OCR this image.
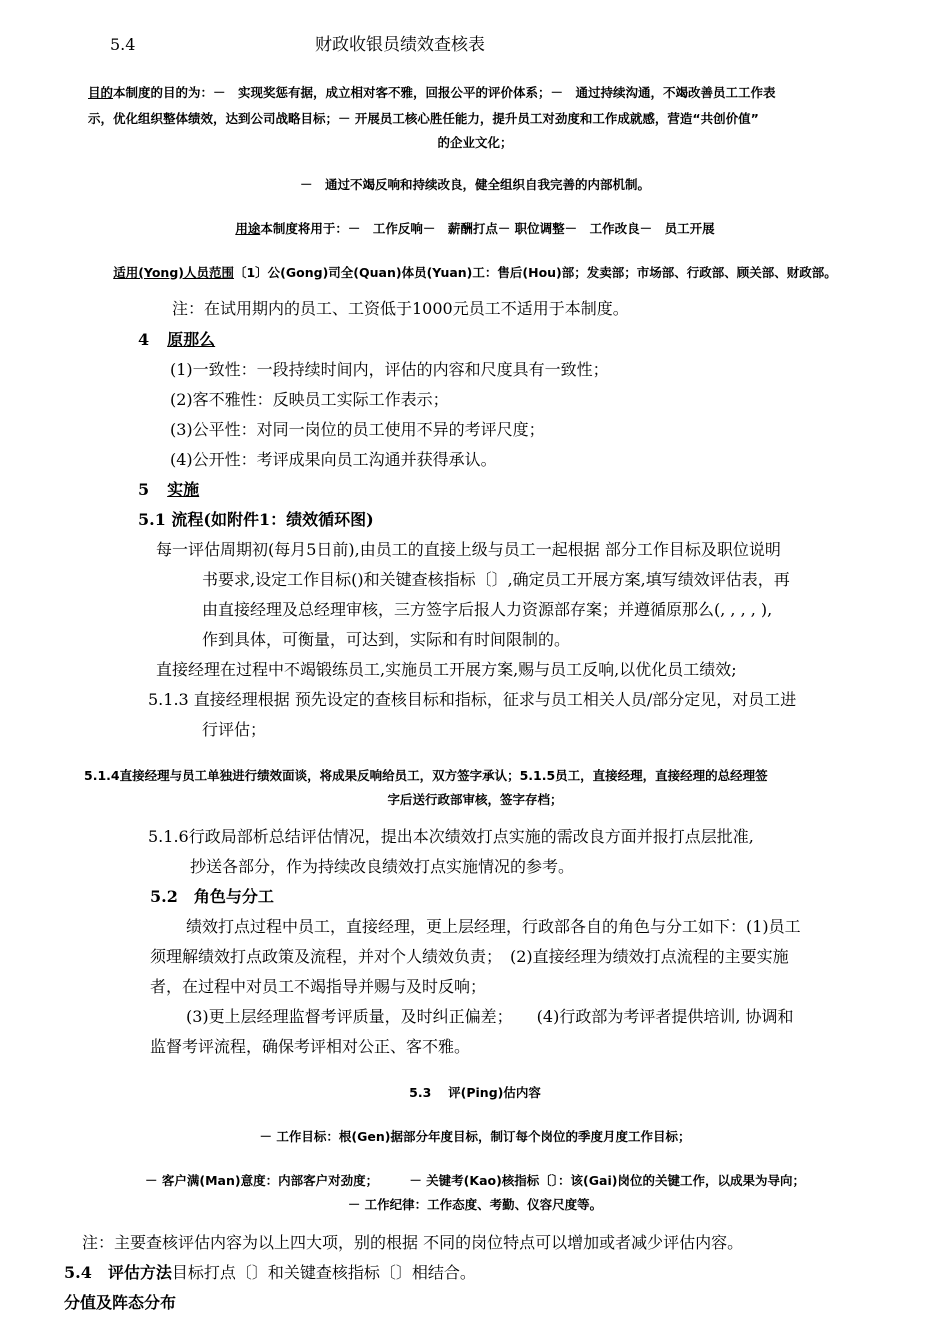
5.4	财政收银员绩效查核表
目的本制度的目的为：－　实现奖惩有据，成立相对客不雅，回报公平的评价体系；－　通过持续沟通，不竭改善员工工作表
示，优化组织整体绩效，达到公司战略目标；－ 开展员工核心胜任能力，提升员工对劲度和工作成就感，营造“共创价值”
的企业文化；
－　通过不竭反响和持续改良，健全组织自我完善的内部机制。
用途本制度将用于：－　工作反响－　薪酬打点－ 职位调整－　工作改良－　员工开展
适用(Yong)人员范围〔1〕公(Gong)司全(Quan)体员(Yuan)工：售后(Hou)部；发卖部；市场部、行政部、顾关部、财政部。
注：在试用期内的员工、工资低于1000元员工不适用于本制度。
4 原那么
(1)一致性：一段持续时间内，评估的内容和尺度具有一致性；
(2)客不雅性：反映员工实际工作表示；
(3)公平性：对同一岗位的员工使用不异的考评尺度；
(4)公开性：考评成果向员工沟通并获得承认。
5 实施
5.1 流程(如附件1：绩效循环图)
每一评估周期初(每月5日前),由员工的直接上级与员工一起根据 部分工作目标及职位说明
书要求,设定工作目标()和关键查核指标〔〕,确定员工开展方案,填写绩效评估表，再
由直接经理及总经理审核，三方签字后报人力资源部存案；并遵循原那么(, , , , ),
作到具体，可衡量，可达到，实际和有时间限制的。
直接经理在过程中不竭锻练员工,实施员工开展方案,赐与员工反响,以优化员工绩效;
5.1.3 直接经理根据 预先设定的查核目标和指标，征求与员工相关人员/部分定见，对员工进
行评估；
5.1.4直接经理与员工单独进行绩效面谈，将成果反响给员工，双方签字承认；5.1.5员工，直接经理，直接经理的总经理签
字后送行政部审核，签字存档；
5.1.6行政局部析总结评估情况，提出本次绩效打点实施的需改良方面并报打点层批准,
抄送各部分，作为持续改良绩效打点实施情况的参考。
5.2　角色与分工
绩效打点过程中员工，直接经理，更上层经理，行政部各自的角色与分工如下：(1)员工
须理解绩效打点政策及流程，并对个人绩效负责；　(2)直接经理为绩效打点流程的主要实施
者，在过程中对员工不竭指导并赐与及时反响；
(3)更上层经理监督考评质量，及时纠正偏差；　　(4)行政部为考评者提供培训, 协调和
监督考评流程，确保考评相对公正、客不雅。
5.3　 评(Ping)估内容
－ 工作目标：根(Gen)据部分年度目标，制订每个岗位的季度月度工作目标；
－ 客户满(Man)意度：内部客户对劲度；　　　－ 关键考(Kao)核指标〔〕：该(Gai)岗位的关键工作，以成果为导向；
－ 工作纪律：工作态度、考勤、仪容尺度等。
注：主要查核评估内容为以上四大项，别的根据 不同的岗位特点可以增加或者减少评估内容。
5.4　评估方法目标打点〔〕和关键查核指标〔〕相结合。
分值及阵态分布
